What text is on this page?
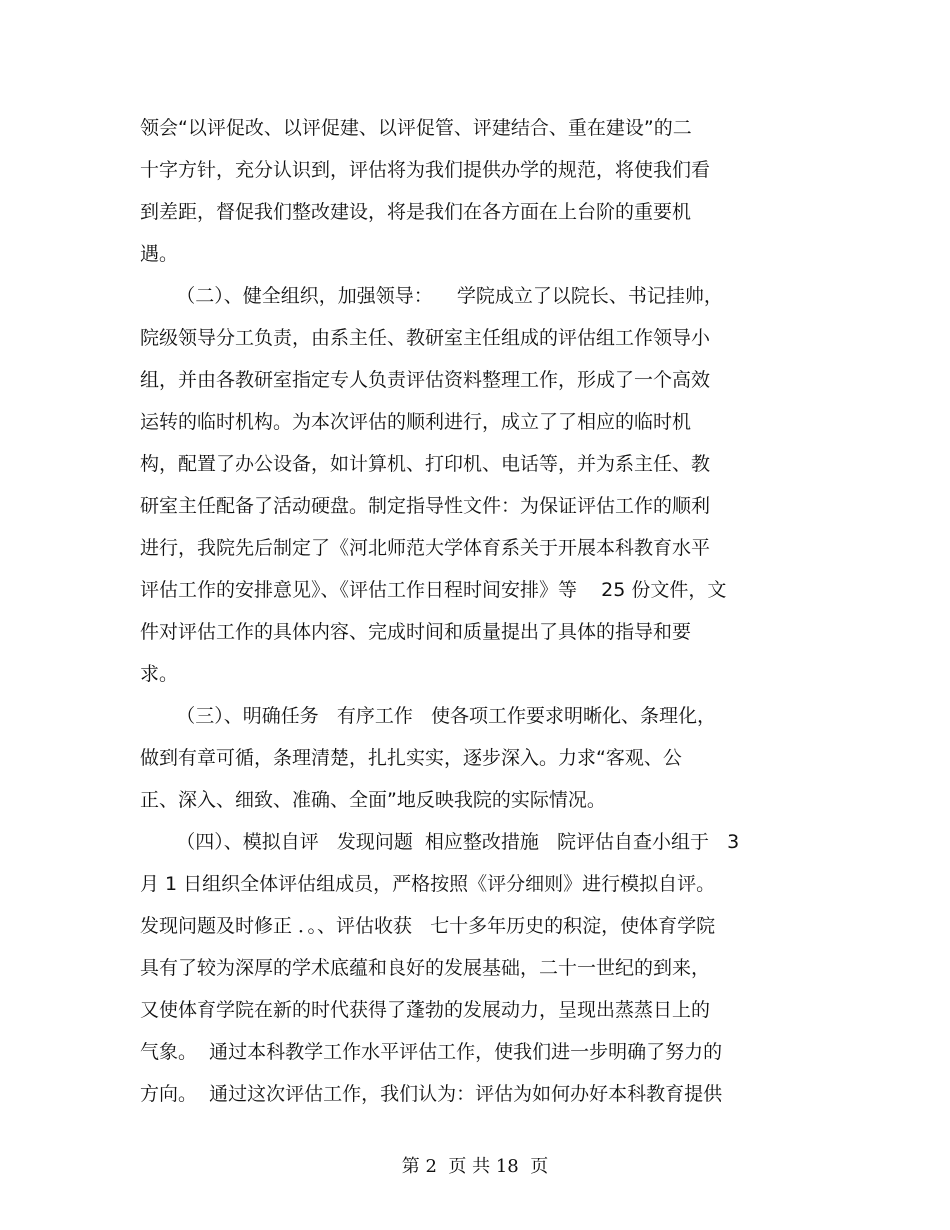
领会“以评促改、以评促建、以评促管、评建结合、重在建设”的二
十字方针，充分认识到，评估将为我们提供办学的规范，将使我们看
到差距，督促我们整改建设，将是我们在各方面在上台阶的重要机
遇。
（二）、健全组织，加强领导：    学院成立了以院长、书记挂帅，
院级领导分工负责，由系主任、教研室主任组成的评估组工作领导小
组，并由各教研室指定专人负责评估资料整理工作，形成了一个高效
运转的临时机构。为本次评估的顺利进行，成立了了相应的临时机
构，配置了办公设备，如计算机、打印机、电话等，并为系主任、教
研室主任配备了活动硬盘。制定指导性文件：为保证评估工作的顺利
进行，我院先后制定了《河北师范大学体育系关于开展本科教育水平
评估工作的安排意见》、《评估工作日程时间安排》等    25 份文件，文
件对评估工作的具体内容、完成时间和质量提出了具体的指导和要
求。
（三）、明确任务   有序工作   使各项工作要求明晰化、条理化，
做到有章可循，条理清楚，扎扎实实，逐步深入。力求“客观、公
正、深入、细致、准确、全面”地反映我院的实际情况。
（四）、模拟自评   发现问题  相应整改措施   院评估自查小组于   3
月 1 日组织全体评估组成员，严格按照《评分细则》进行模拟自评。
发现问题及时修正 ．。、评估收获   七十多年历史的积淀，使体育学院
具有了较为深厚的学术底蕴和良好的发展基础，二十一世纪的到来，
又使体育学院在新的时代获得了蓬勃的发展动力，呈现出蒸蒸日上的
气象。  通过本科教学工作水平评估工作，使我们进一步明确了努力的
方向。  通过这次评估工作，我们认为：评估为如何办好本科教育提供
第 2  页 共 18  页
